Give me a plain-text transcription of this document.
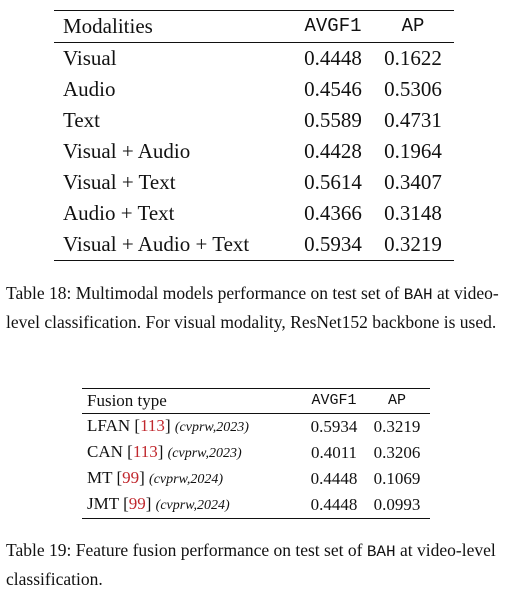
Modalities	AVGF1	AP
Visual	0.4448	0.1622
Audio	0.4546	0.5306
Text	0.5589	0.4731
Visual + Audio	0.4428	0.1964
Visual + Text	0.5614	0.3407
Audio + Text	0.4366	0.3148
Visual + Audio + Text	0.5934	0.3219

Table 18: Multimodal models performance on test set of BAH at video-level classification. For visual modality, ResNet152 backbone is used.

Fusion type	AVGF1	AP
LFAN [113] (cvprw,2023)	0.5934	0.3219
CAN [113] (cvprw,2023)	0.4011	0.3206
MT [99] (cvprw,2024)	0.4448	0.1069
JMT [99] (cvprw,2024)	0.4448	0.0993

Table 19: Feature fusion performance on test set of BAH at video-level classification.
